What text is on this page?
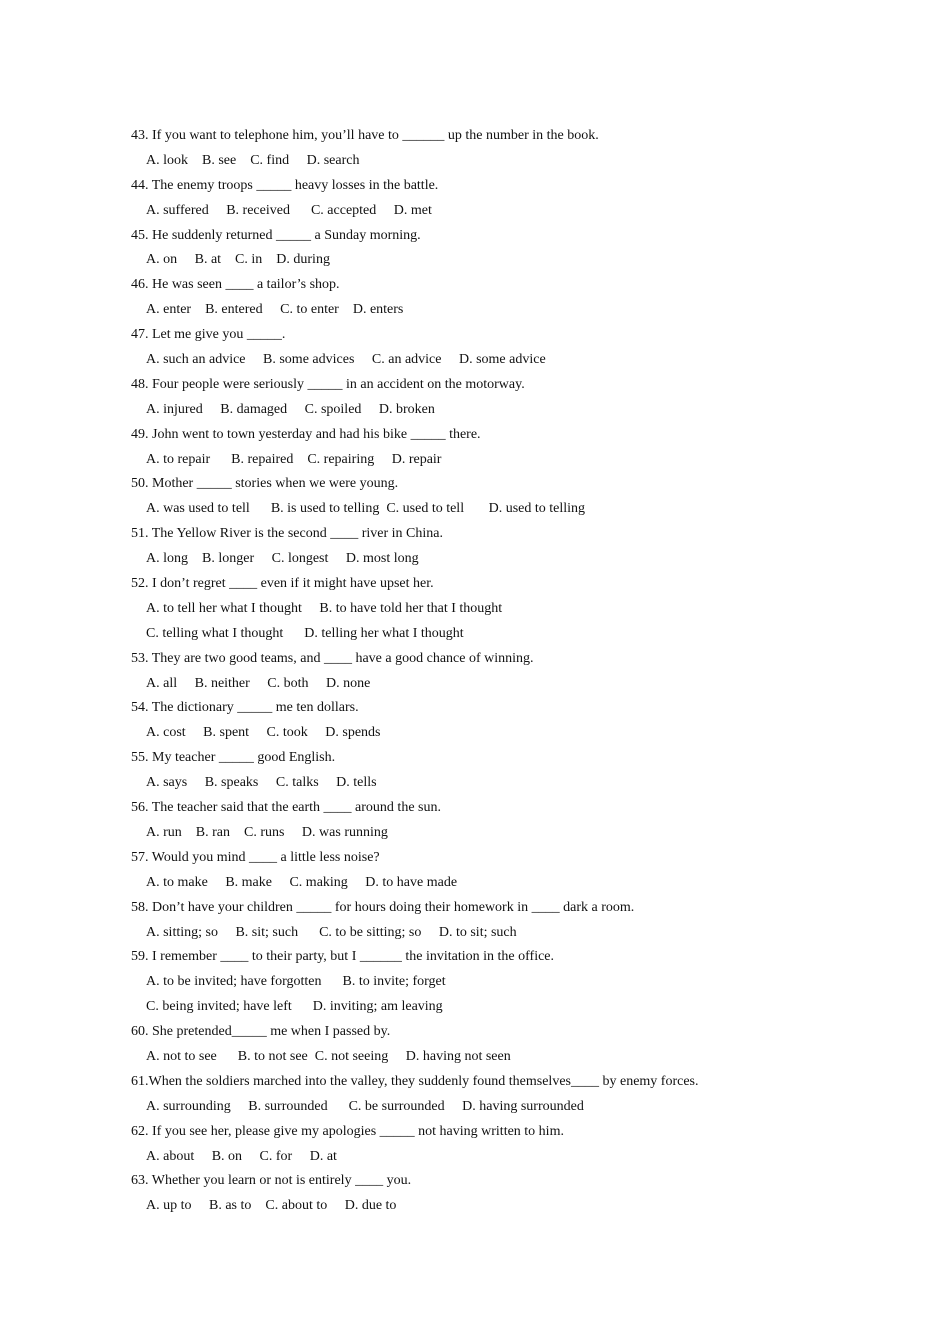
43. If you want to telephone him, you’ll have to ______ up the number in the book.
A. look    B. see    C. find     D. search
44. The enemy troops _____ heavy losses in the battle.
A. suffered     B. received      C. accepted     D. met
45. He suddenly returned _____ a Sunday morning.
A. on     B. at    C. in    D. during
46. He was seen ____ a tailor’s shop.
A. enter    B. entered     C. to enter    D. enters
47. Let me give you _____.
A. such an advice     B. some advices     C. an advice     D. some advice
48. Four people were seriously _____ in an accident on the motorway.
A. injured     B. damaged     C. spoiled     D. broken
49. John went to town yesterday and had his bike _____ there.
A. to repair      B. repaired    C. repairing     D. repair
50. Mother _____ stories when we were young.
A. was used to tell      B. is used to telling  C. used to tell       D. used to telling
51. The Yellow River is the second ____ river in China.
A. long    B. longer     C. longest     D. most long
52. I don’t regret ____ even if it might have upset her.
A. to tell her what I thought     B. to have told her that I thought
C. telling what I thought      D. telling her what I thought
53. They are two good teams, and ____ have a good chance of winning.
A. all     B. neither     C. both     D. none
54. The dictionary _____ me ten dollars.
A. cost     B. spent     C. took     D. spends
55. My teacher _____ good English.
A. says     B. speaks     C. talks     D. tells
56. The teacher said that the earth ____ around the sun.
A. run    B. ran    C. runs     D. was running
57. Would you mind ____ a little less noise?
A. to make     B. make     C. making     D. to have made
58. Don’t have your children _____ for hours doing their homework in ____ dark a room.
A. sitting; so     B. sit; such      C. to be sitting; so     D. to sit; such
59. I remember ____ to their party, but I ______ the invitation in the office.
A. to be invited; have forgotten      B. to invite; forget
C. being invited; have left      D. inviting; am leaving
60. She pretended_____ me when I passed by.
A. not to see      B. to not see  C. not seeing     D. having not seen
61.When the soldiers marched into the valley, they suddenly found themselves____ by enemy forces.
A. surrounding     B. surrounded      C. be surrounded     D. having surrounded
62. If you see her, please give my apologies _____ not having written to him.
A. about     B. on     C. for     D. at
63. Whether you learn or not is entirely ____ you.
A. up to     B. as to    C. about to     D. due to
